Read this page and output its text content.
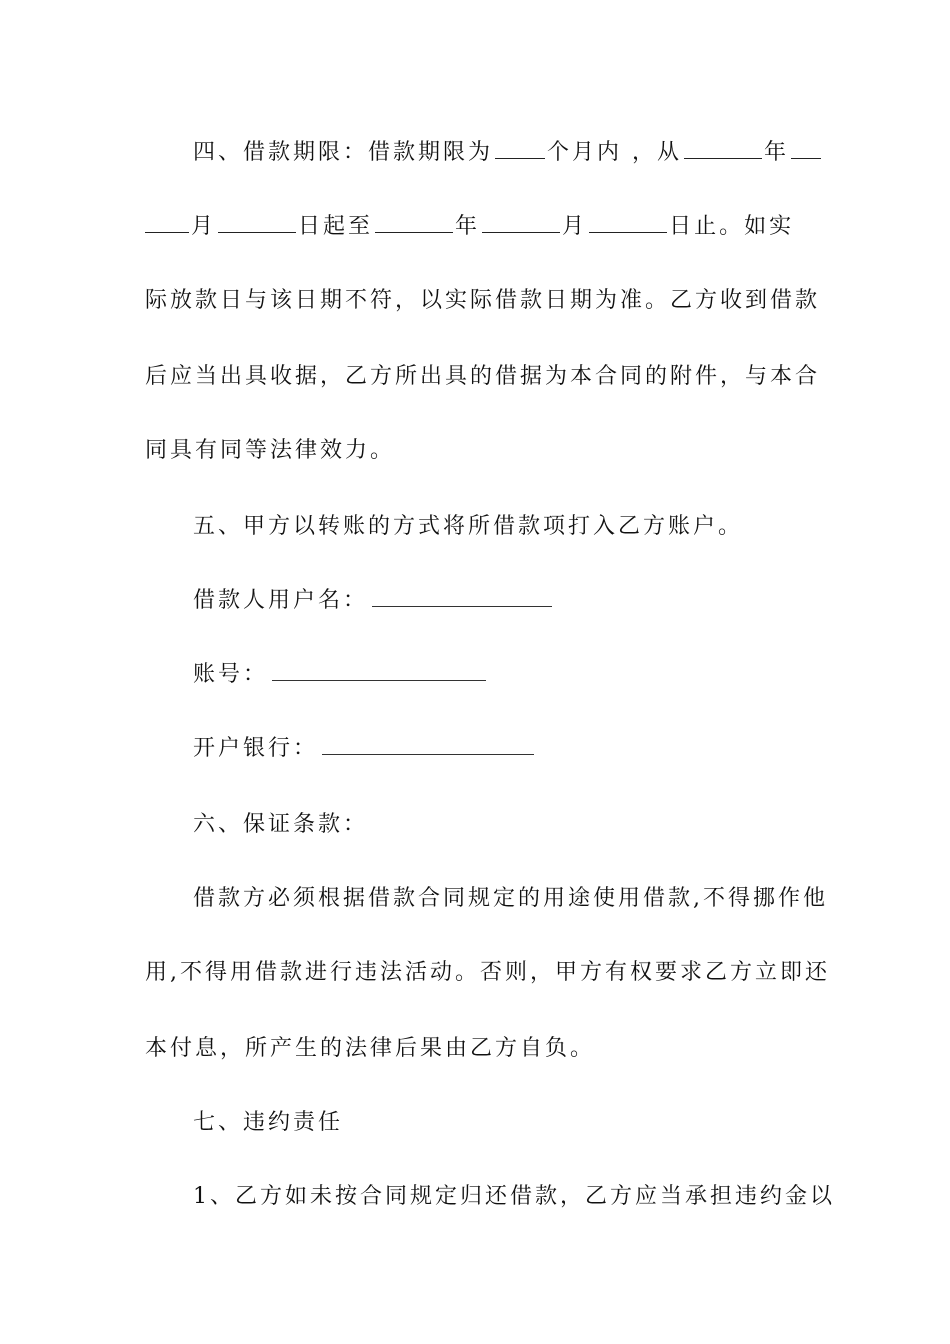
四、借款期限：借款期限为 个月内 ，从	年
月	日起至	年	月	日止。如实
际放款日与该日期不符，以实际借款日期为准。乙方收到借款
后应当出具收据，乙方所出具的借据为本合同的附件，与本合
同具有同等法律效力。
五、甲方以转账的方式将所借款项打入乙方账户。
借款人用户名：
账号：
开户银行：
六、保证条款：
借款方必须根据借款合同规定的用途使用借款,不得挪作他
用,不得用借款进行违法活动。否则，甲方有权要求乙方立即还
本付息，所产生的法律后果由乙方自负。
七、违约责任
1、乙方如未按合同规定归还借款，乙方应当承担违约金以
